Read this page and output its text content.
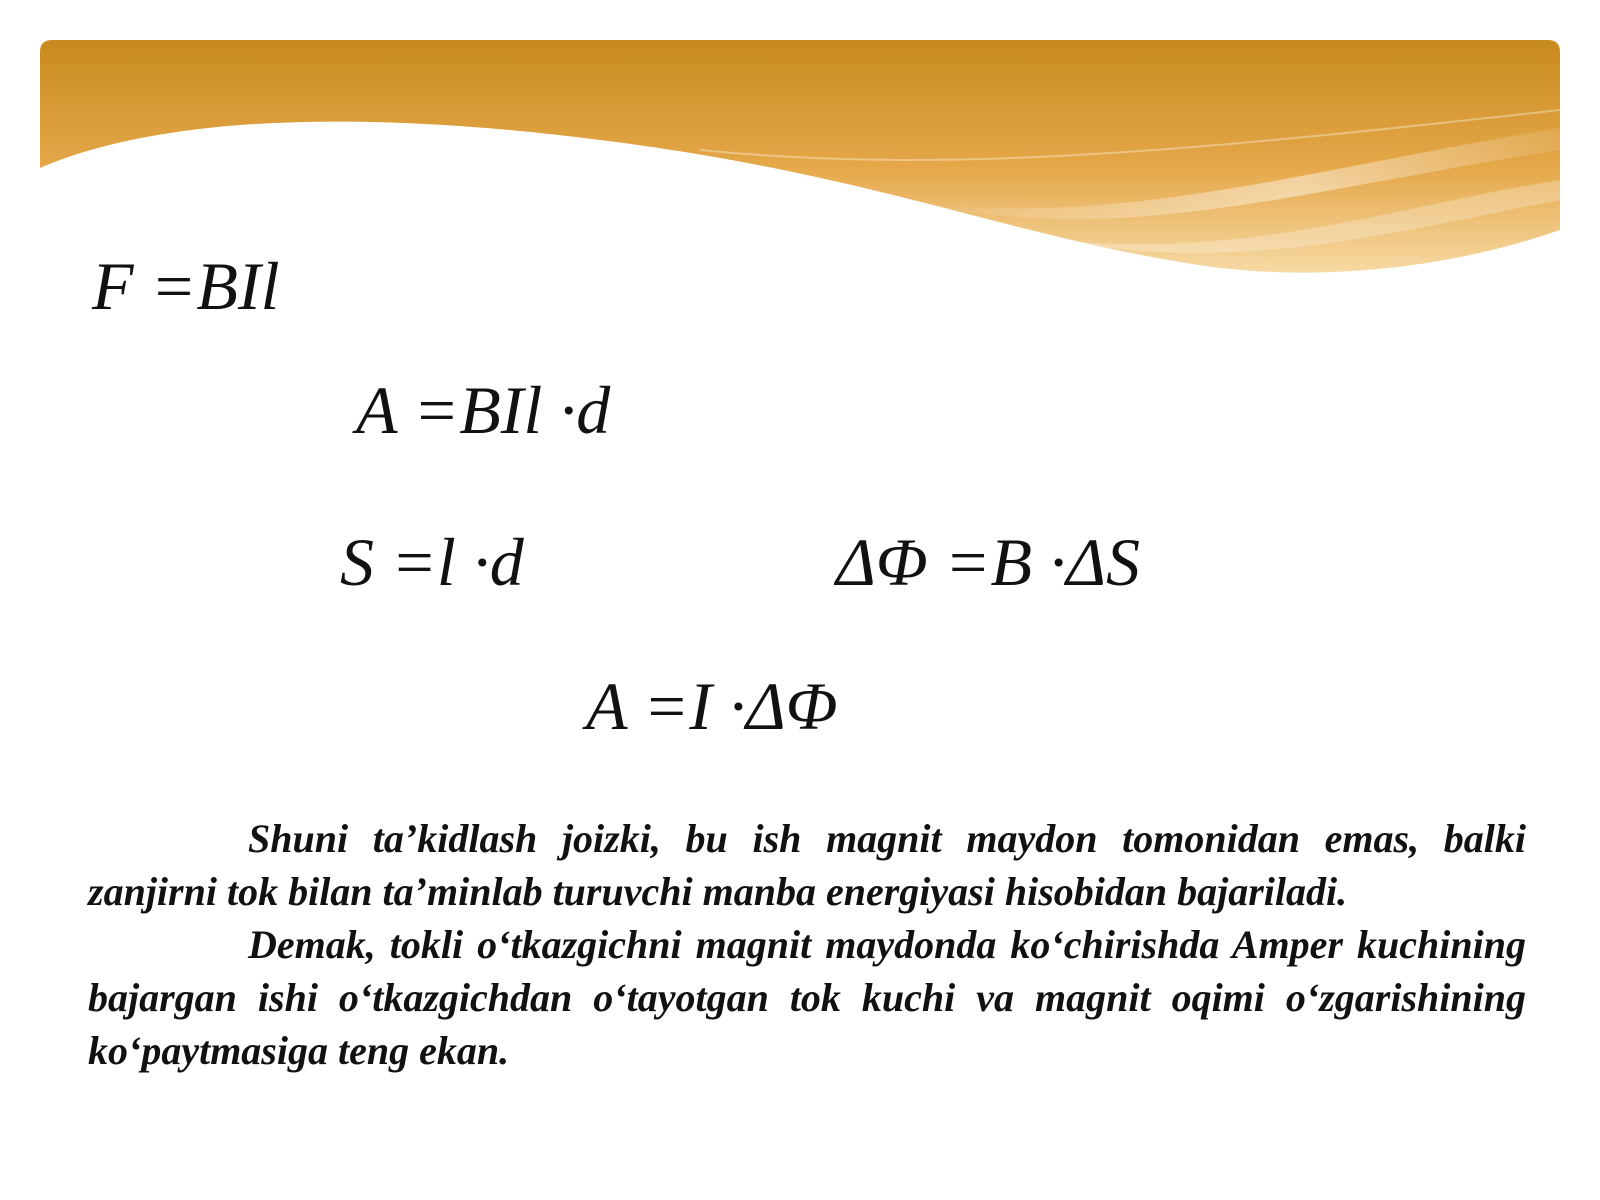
F =BIl
A =BIl ·d
S =l ·d	ΔΦ =B ·ΔS
A =I ·ΔΦ

Shuni ta’kidlash joizki, bu ish magnit maydon tomonidan emas, balki zanjirni tok bilan ta’minlab turuvchi manba energiyasi hisobidan bajariladi.

Demak, tokli o‘tkazgichni magnit maydonda ko‘chirishda Amper kuchining bajargan ishi o‘tkazgichdan o‘tayotgan tok kuchi va magnit oqimi o‘zgarishining ko‘paytmasiga teng ekan.
